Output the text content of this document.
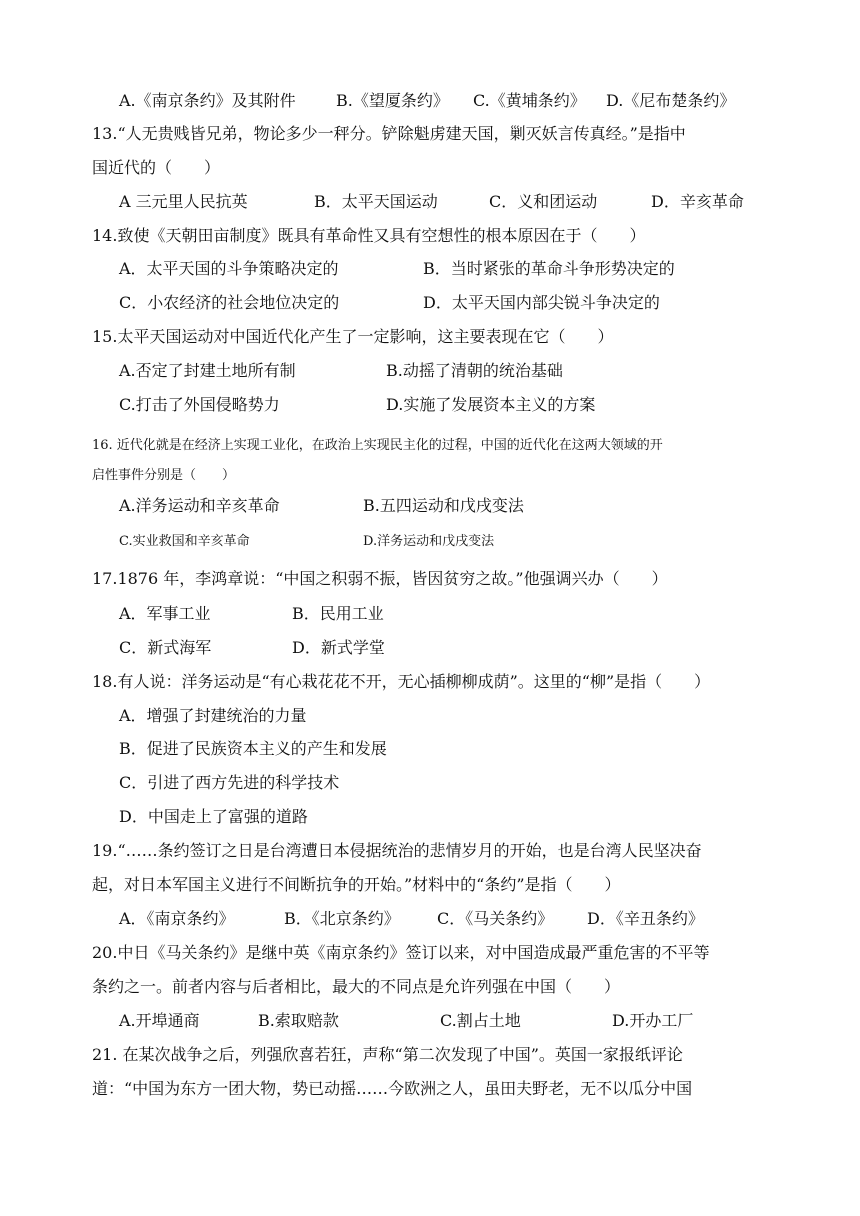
A.《南京条约》及其附件	B.《望厦条约》 C.《黄埔条约》 D.《尼布楚条约》
13.“人无贵贱皆兄弟，物论多少一秤分。铲除魁虏建天国，剿灭妖言传真经。”是指中
国近代的（　　）
A 三元里人民抗英	B．太平天国运动	C．义和团运动	D．辛亥革命
14.致使《天朝田亩制度》既具有革命性又具有空想性的根本原因在于（　　）
A．太平天国的斗争策略决定的	B．当时紧张的革命斗争形势决定的
C．小农经济的社会地位决定的	D．太平天国内部尖锐斗争决定的
15.太平天国运动对中国近代化产生了一定影响，这主要表现在它（　　）
A.否定了封建土地所有制	B.动摇了清朝的统治基础
C.打击了外国侵略势力	D.实施了发展资本主义的方案
16. 近代化就是在经济上实现工业化，在政治上实现民主化的过程，中国的近代化在这两大领域的开
启性事件分别是（　　）
A.洋务运动和辛亥革命	B.五四运动和戊戌变法
C.实业救国和辛亥革命	D.洋务运动和戊戌变法
17.1876 年，李鸿章说：“中国之积弱不振，皆因贫穷之故。”他强调兴办（　　）
A．军事工业	B．民用工业
C．新式海军	D．新式学堂
18.有人说：洋务运动是“有心栽花花不开，无心插柳柳成荫”。这里的“柳”是指（　　）
A．增强了封建统治的力量
B．促进了民族资本主义的产生和发展
C．引进了西方先进的科学技术
D．中国走上了富强的道路
19.“……条约签订之日是台湾遭日本侵据统治的悲情岁月的开始，也是台湾人民坚决奋
起，对日本军国主义进行不间断抗争的开始。”材料中的“条约”是指（　　）
A．《南京条约》	B．《北京条约》 C．《马关条约》 D．《辛丑条约》
20.中日《马关条约》是继中英《南京条约》签订以来，对中国造成最严重危害的不平等
条约之一。前者内容与后者相比，最大的不同点是允许列强在中国（　　）
A.开埠通商	B.索取赔款	C.割占土地	D.开办工厂
21. 在某次战争之后，列强欣喜若狂，声称“第二次发现了中国”。英国一家报纸评论
道：“中国为东方一团大物，势已动摇……今欧洲之人，虽田夫野老，无不以瓜分中国
